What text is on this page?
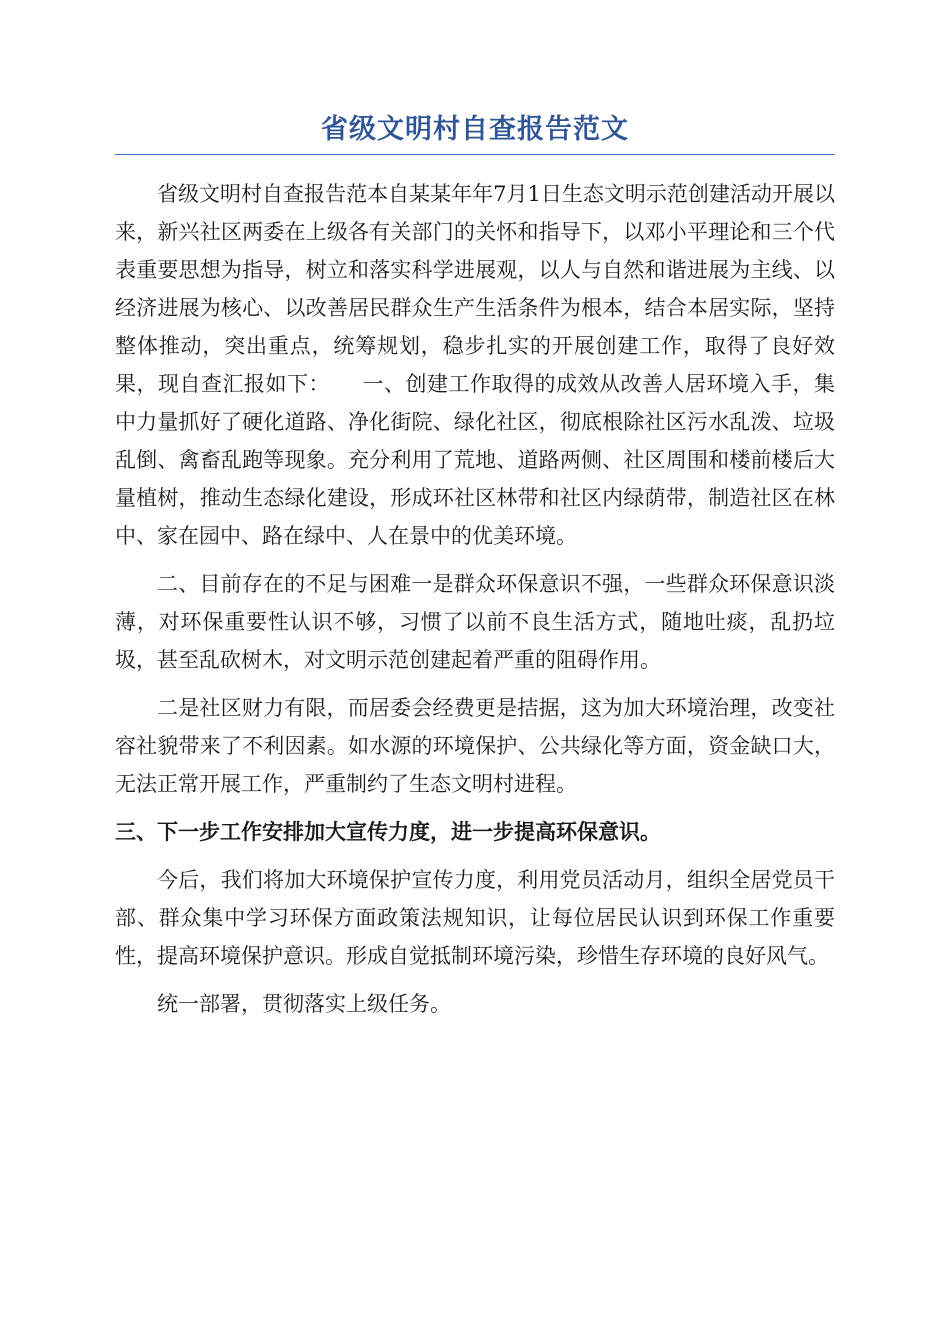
省级文明村自查报告范文

省级文明村自查报告范本自某某年年7月1日生态文明示范创建活动开展以来，新兴社区两委在上级各有关部门的关怀和指导下，以邓小平理论和三个代表重要思想为指导，树立和落实科学进展观，以人与自然和谐进展为主线、以经济进展为核心、以改善居民群众生产生活条件为根本，结合本居实际，坚持整体推动，突出重点，统筹规划，稳步扎实的开展创建工作，取得了良好效果，现自查汇报如下：　　一、创建工作取得的成效从改善人居环境入手，集中力量抓好了硬化道路、净化街院、绿化社区，彻底根除社区污水乱泼、垃圾乱倒、禽畜乱跑等现象。充分利用了荒地、道路两侧、社区周围和楼前楼后大量植树，推动生态绿化建设，形成环社区林带和社区内绿荫带，制造社区在林中、家在园中、路在绿中、人在景中的优美环境。

二、目前存在的不足与困难一是群众环保意识不强，一些群众环保意识淡薄，对环保重要性认识不够，习惯了以前不良生活方式，随地吐痰，乱扔垃圾，甚至乱砍树木，对文明示范创建起着严重的阻碍作用。

二是社区财力有限，而居委会经费更是拮据，这为加大环境治理，改变社容社貌带来了不利因素。如水源的环境保护、公共绿化等方面，资金缺口大，无法正常开展工作，严重制约了生态文明村进程。

三、下一步工作安排加大宣传力度，进一步提高环保意识。

今后，我们将加大环境保护宣传力度，利用党员活动月，组织全居党员干部、群众集中学习环保方面政策法规知识，让每位居民认识到环保工作重要性，提高环境保护意识。形成自觉抵制环境污染，珍惜生存环境的良好风气。

统一部署，贯彻落实上级任务。
